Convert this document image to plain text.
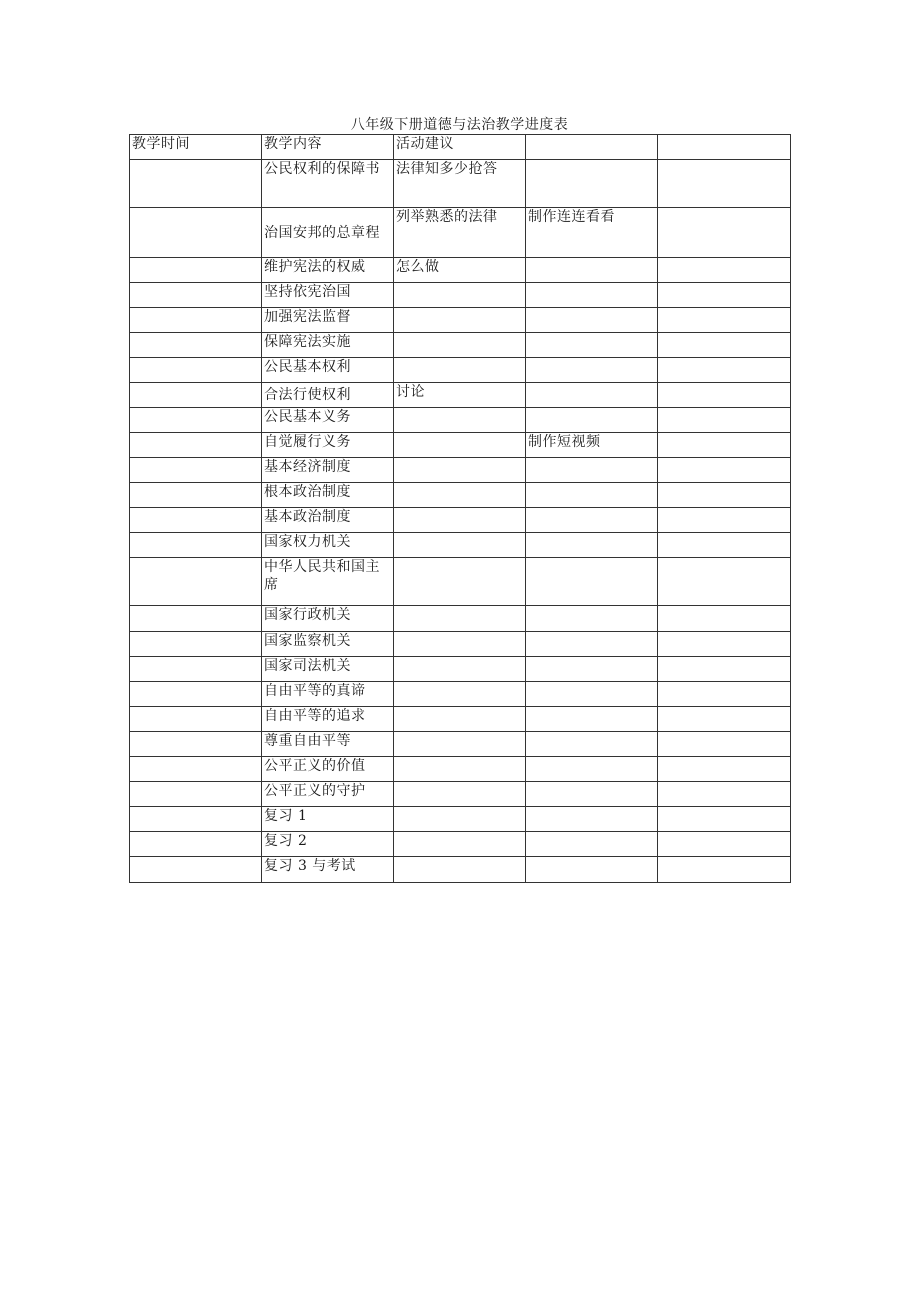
八年级下册道德与法治教学进度表
教学时间	教学内容	活动建议		
	公民权利的保障书	法律知多少抢答		
	治国安邦的总章程	列举熟悉的法律	制作连连看看	
	维护宪法的权威	怎么做		
	坚持依宪治国			
	加强宪法监督			
	保障宪法实施			
	公民基本权利			
	合法行使权利	讨论		
	公民基本义务			
	自觉履行义务		制作短视频	
	基本经济制度			
	根本政治制度			
	基本政治制度			
	国家权力机关			
	中华人民共和国主席			
	国家行政机关			
	国家监察机关			
	国家司法机关			
	自由平等的真谛			
	自由平等的追求			
	尊重自由平等			
	公平正义的价值			
	公平正义的守护			
	复习 1			
	复习 2			
	复习 3 与考试			
